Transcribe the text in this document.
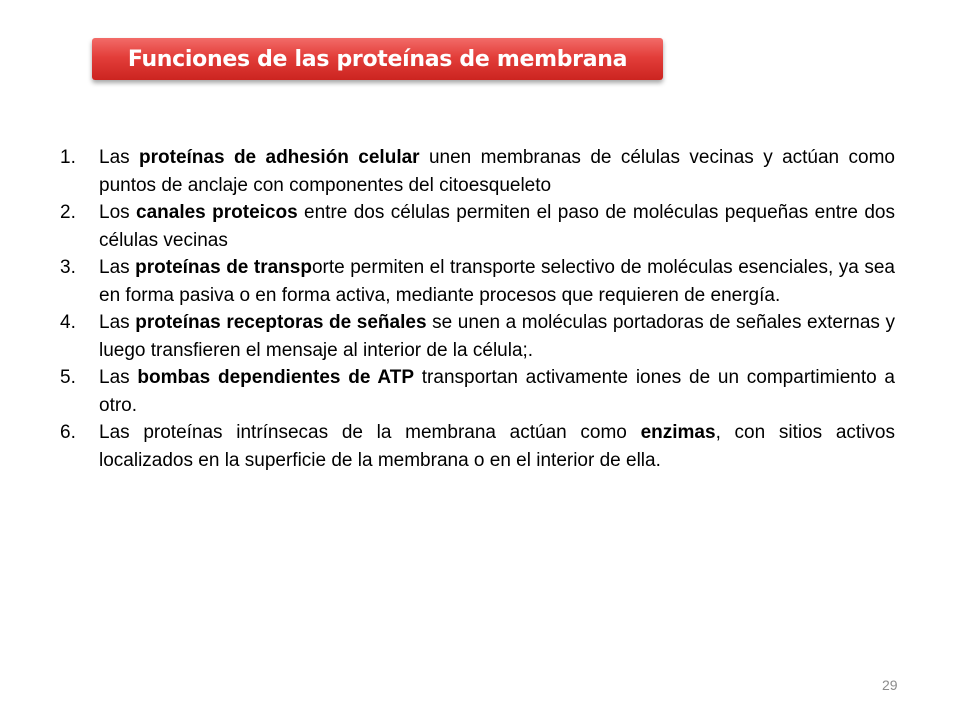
Funciones de las proteínas de membrana
1. Las proteínas de adhesión celular unen membranas de células vecinas y actúan como puntos de anclaje con componentes del citoesqueleto
2. Los canales proteicos entre dos células permiten el paso de moléculas pequeñas entre dos células vecinas
3. Las proteínas de transporte permiten el transporte selectivo de moléculas esenciales, ya sea en forma pasiva o en forma activa, mediante procesos que requieren de energía.
4. Las proteínas receptoras de señales se unen a moléculas portadoras de señales externas y luego transfieren el mensaje al interior de la célula;.
5. Las bombas dependientes de ATP transportan activamente iones de un compartimiento a otro.
6. Las proteínas intrínsecas de la membrana actúan como enzimas, con sitios activos localizados en la superficie de la membrana o en el interior de ella.
29
